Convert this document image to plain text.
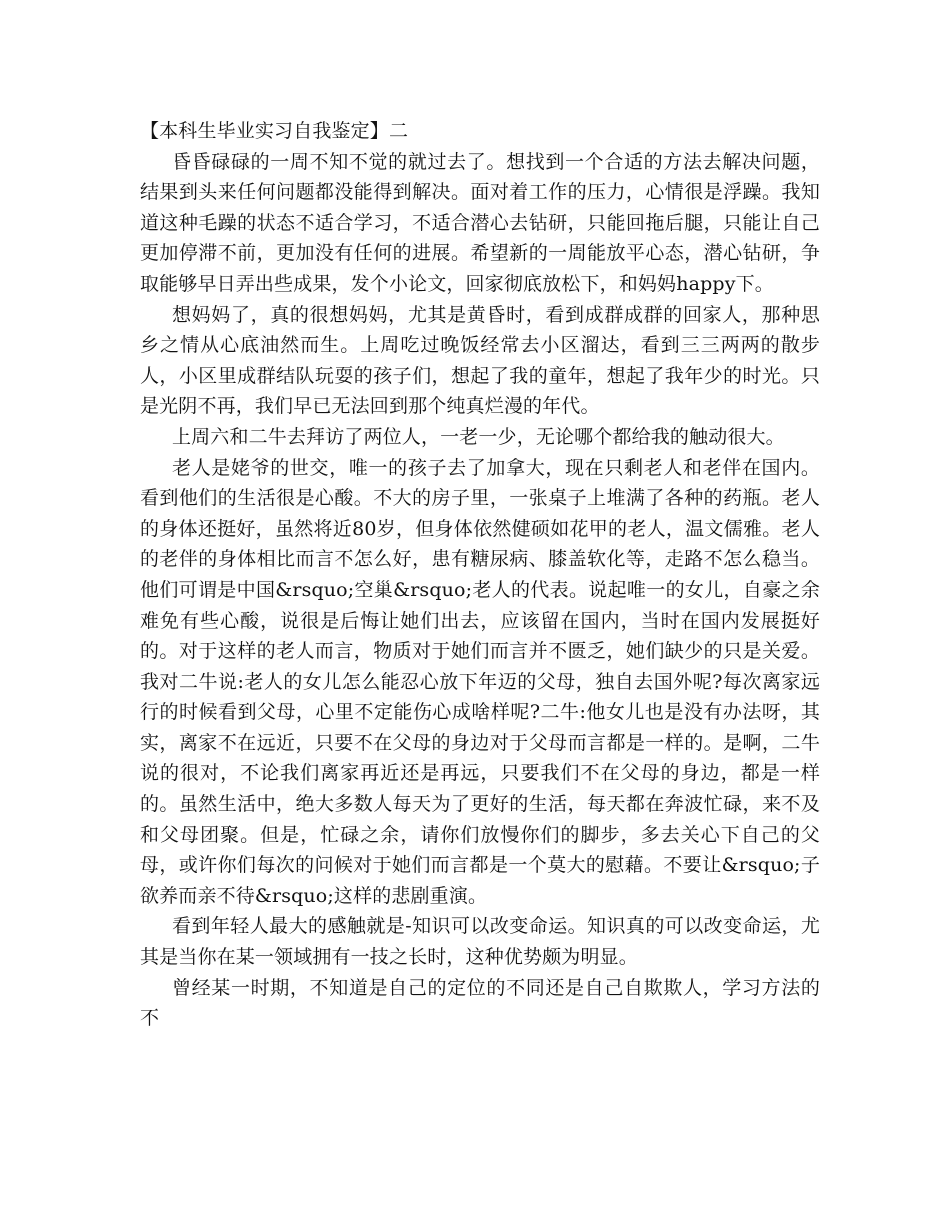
【本科生毕业实习自我鉴定】二

昏昏碌碌的一周不知不觉的就过去了。想找到一个合适的方法去解决问题，结果到头来任何问题都没能得到解决。面对着工作的压力，心情很是浮躁。我知道这种毛躁的状态不适合学习，不适合潜心去钻研，只能回拖后腿，只能让自己更加停滞不前，更加没有任何的进展。希望新的一周能放平心态，潜心钻研，争取能够早日弄出些成果，发个小论文，回家彻底放松下，和妈妈happy下。

想妈妈了，真的很想妈妈，尤其是黄昏时，看到成群成群的回家人，那种思乡之情从心底油然而生。上周吃过晚饭经常去小区溜达，看到三三两两的散步人，小区里成群结队玩耍的孩子们，想起了我的童年，想起了我年少的时光。只是光阴不再，我们早已无法回到那个纯真烂漫的年代。

上周六和二牛去拜访了两位人，一老一少，无论哪个都给我的触动很大。

老人是姥爷的世交，唯一的孩子去了加拿大，现在只剩老人和老伴在国内。看到他们的生活很是心酸。不大的房子里，一张桌子上堆满了各种的药瓶。老人的身体还挺好，虽然将近80岁，但身体依然健硕如花甲的老人，温文儒雅。老人的老伴的身体相比而言不怎么好，患有糖尿病、膝盖软化等，走路不怎么稳当。他们可谓是中国&rsquo;空巢&rsquo;老人的代表。说起唯一的女儿，自豪之余难免有些心酸，说很是后悔让她们出去，应该留在国内，当时在国内发展挺好的。对于这样的老人而言，物质对于她们而言并不匮乏，她们缺少的只是关爱。我对二牛说:老人的女儿怎么能忍心放下年迈的父母，独自去国外呢?每次离家远行的时候看到父母，心里不定能伤心成啥样呢?二牛:他女儿也是没有办法呀，其实，离家不在远近，只要不在父母的身边对于父母而言都是一样的。是啊，二牛说的很对，不论我们离家再近还是再远，只要我们不在父母的身边，都是一样的。虽然生活中，绝大多数人每天为了更好的生活，每天都在奔波忙碌，来不及和父母团聚。但是，忙碌之余，请你们放慢你们的脚步，多去关心下自己的父母，或许你们每次的问候对于她们而言都是一个莫大的慰藉。不要让&rsquo;子欲养而亲不待&rsquo;这样的悲剧重演。

看到年轻人最大的感触就是-知识可以改变命运。知识真的可以改变命运，尤其是当你在某一领域拥有一技之长时，这种优势颇为明显。

曾经某一时期，不知道是自己的定位的不同还是自己自欺欺人，学习方法的不
